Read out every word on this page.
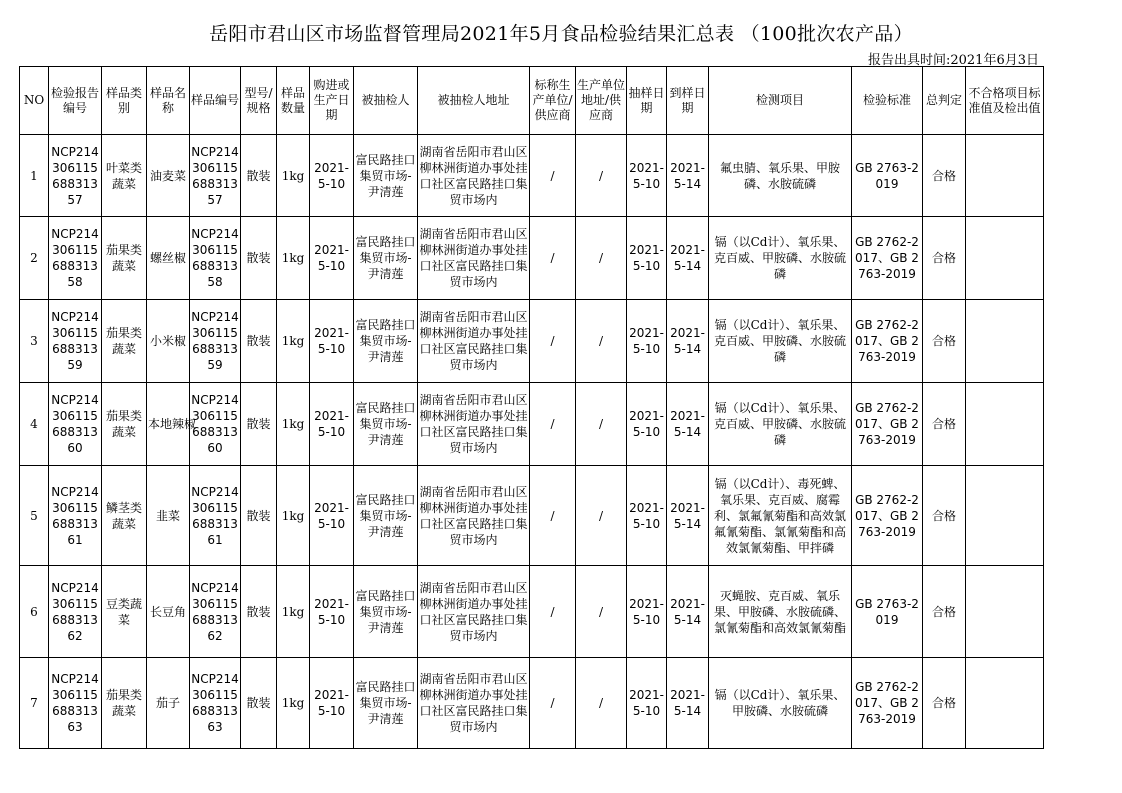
岳阳市君山区市场监督管理局2021年5月食品检验结果汇总表 （100批次农产品）
报告出具时间:2021年6月3日
NO	检验报告编号	样品类别	样品名称	样品编号	型号/规格	样品数量	购进或生产日期	被抽检人	被抽检人地址	标称生产单位/供应商	生产单位地址/供应商	抽样日期	到样日期	检测项目	检验标准	总判定	不合格项目标准值及检出值
1	NCP21430611568831357	叶菜类蔬菜	油麦菜	NCP21430611568831357	散装	1kg	2021-5-10	富民路挂口集贸市场-尹清莲	湖南省岳阳市君山区柳林洲街道办事处挂口社区富民路挂口集贸市场内	/	/	2021-5-10	2021-5-14	氟虫腈、氧乐果、甲胺磷、水胺硫磷	GB 2763-2019	合格	
2	NCP21430611568831358	茄果类蔬菜	螺丝椒	NCP21430611568831358	散装	1kg	2021-5-10	富民路挂口集贸市场-尹清莲	湖南省岳阳市君山区柳林洲街道办事处挂口社区富民路挂口集贸市场内	/	/	2021-5-10	2021-5-14	镉（以Cd计）、氧乐果、克百威、甲胺磷、水胺硫磷	GB 2762-2017、GB 2763-2019	合格	
3	NCP21430611568831359	茄果类蔬菜	小米椒	NCP21430611568831359	散装	1kg	2021-5-10	富民路挂口集贸市场-尹清莲	湖南省岳阳市君山区柳林洲街道办事处挂口社区富民路挂口集贸市场内	/	/	2021-5-10	2021-5-14	镉（以Cd计）、氧乐果、克百威、甲胺磷、水胺硫磷	GB 2762-2017、GB 2763-2019	合格	
4	NCP21430611568831360	茄果类蔬菜	本地辣椒	NCP21430611568831360	散装	1kg	2021-5-10	富民路挂口集贸市场-尹清莲	湖南省岳阳市君山区柳林洲街道办事处挂口社区富民路挂口集贸市场内	/	/	2021-5-10	2021-5-14	镉（以Cd计）、氧乐果、克百威、甲胺磷、水胺硫磷	GB 2762-2017、GB 2763-2019	合格	
5	NCP21430611568831361	鳞茎类蔬菜	韭菜	NCP21430611568831361	散装	1kg	2021-5-10	富民路挂口集贸市场-尹清莲	湖南省岳阳市君山区柳林洲街道办事处挂口社区富民路挂口集贸市场内	/	/	2021-5-10	2021-5-14	镉（以Cd计）、毒死蜱、氧乐果、克百威、腐霉利、氯氟氰菊酯和高效氯氟氰菊酯、氯氰菊酯和高效氯氰菊酯、甲拌磷	GB 2762-2017、GB 2763-2019	合格	
6	NCP21430611568831362	豆类蔬菜	长豆角	NCP21430611568831362	散装	1kg	2021-5-10	富民路挂口集贸市场-尹清莲	湖南省岳阳市君山区柳林洲街道办事处挂口社区富民路挂口集贸市场内	/	/	2021-5-10	2021-5-14	灭蝇胺、克百威、氧乐果、甲胺磷、水胺硫磷、氯氰菊酯和高效氯氰菊酯	GB 2763-2019	合格	
7	NCP21430611568831363	茄果类蔬菜	茄子	NCP21430611568831363	散装	1kg	2021-5-10	富民路挂口集贸市场-尹清莲	湖南省岳阳市君山区柳林洲街道办事处挂口社区富民路挂口集贸市场内	/	/	2021-5-10	2021-5-14	镉（以Cd计）、氧乐果、甲胺磷、水胺硫磷	GB 2762-2017、GB 2763-2019	合格	
